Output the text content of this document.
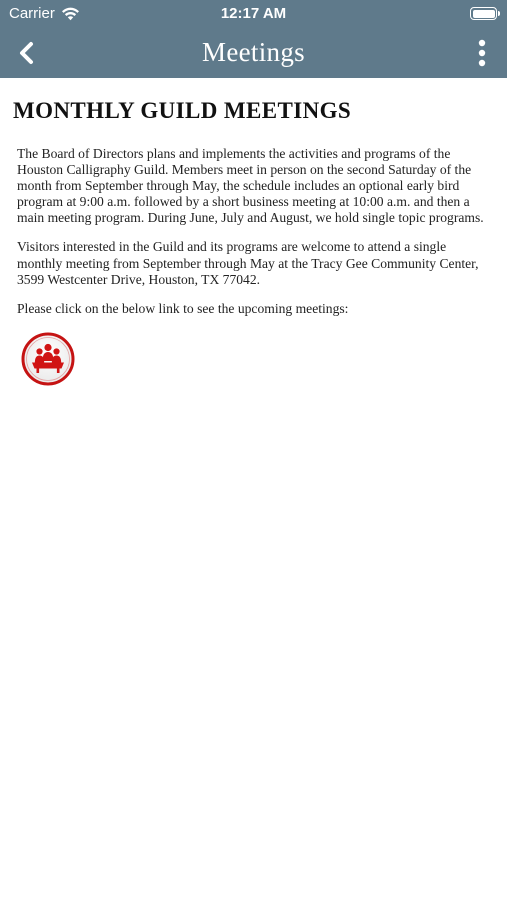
Carrier	12:17 AM
Meetings
MONTHLY GUILD MEETINGS

The Board of Directors plans and implements the activities and programs of the Houston Calligraphy Guild. Members meet in person on the second Saturday of the month from September through May, the schedule includes an optional early bird program at 9:00 a.m. followed by a short business meeting at 10:00 a.m. and then a main meeting program. During June, July and August, we hold single topic programs.

Visitors interested in the Guild and its programs are welcome to attend a single monthly meeting from September through May at the Tracy Gee Community Center, 3599 Westcenter Drive, Houston, TX 77042.

Please click on the below link to see the upcoming meetings:
